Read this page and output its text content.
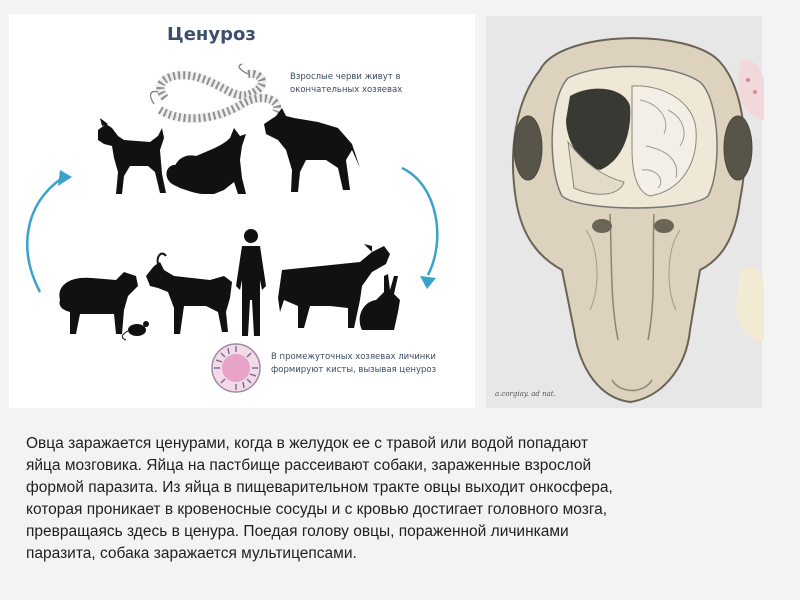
Ценуроз
Взрослые черви живут в окончательных хозяевах
В промежуточных хозяевах личинки формируют кисты, вызывая ценуроз
a.corgiay. ad nat.
Овца заражается ценурами, когда в желудок ее с травой или водой попадают
яйца мозговика. Яйца на пастбище рассеивают собаки, зараженные взрослой
формой паразита. Из яйца в пищеварительном тракте овцы выходит онкосфера,
которая проникает в кровеносные сосуды и с кровью достигает головного мозга,
превращаясь здесь в ценура. Поедая голову овцы, пораженной личинками
паразита, собака заражается мультицепсами.
